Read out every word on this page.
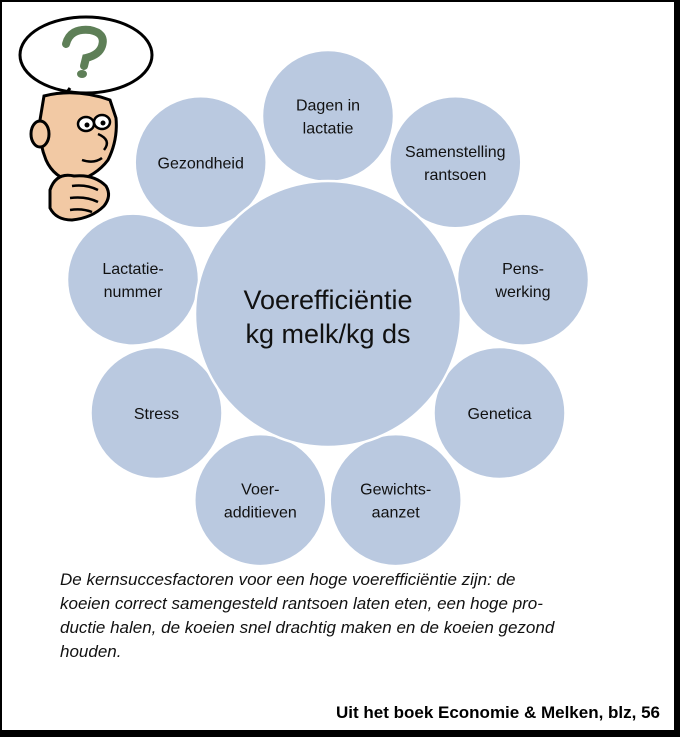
Voerefficiëntie
kg melk/kg ds
Dagen in
lactatie
Samenstelling
rantsoen
Pens-
werking
Genetica
Gewichts-
aanzet
Voer-
additieven
Stress
Lactatie-
nummer
Gezondheid
De kernsuccesfactoren voor een hoge voerefficiëntie zijn: de
koeien correct samengesteld rantsoen laten eten, een hoge pro-
ductie halen, de koeien snel drachtig maken en de koeien gezond
houden.
Uit het boek Economie & Melken, blz, 56
